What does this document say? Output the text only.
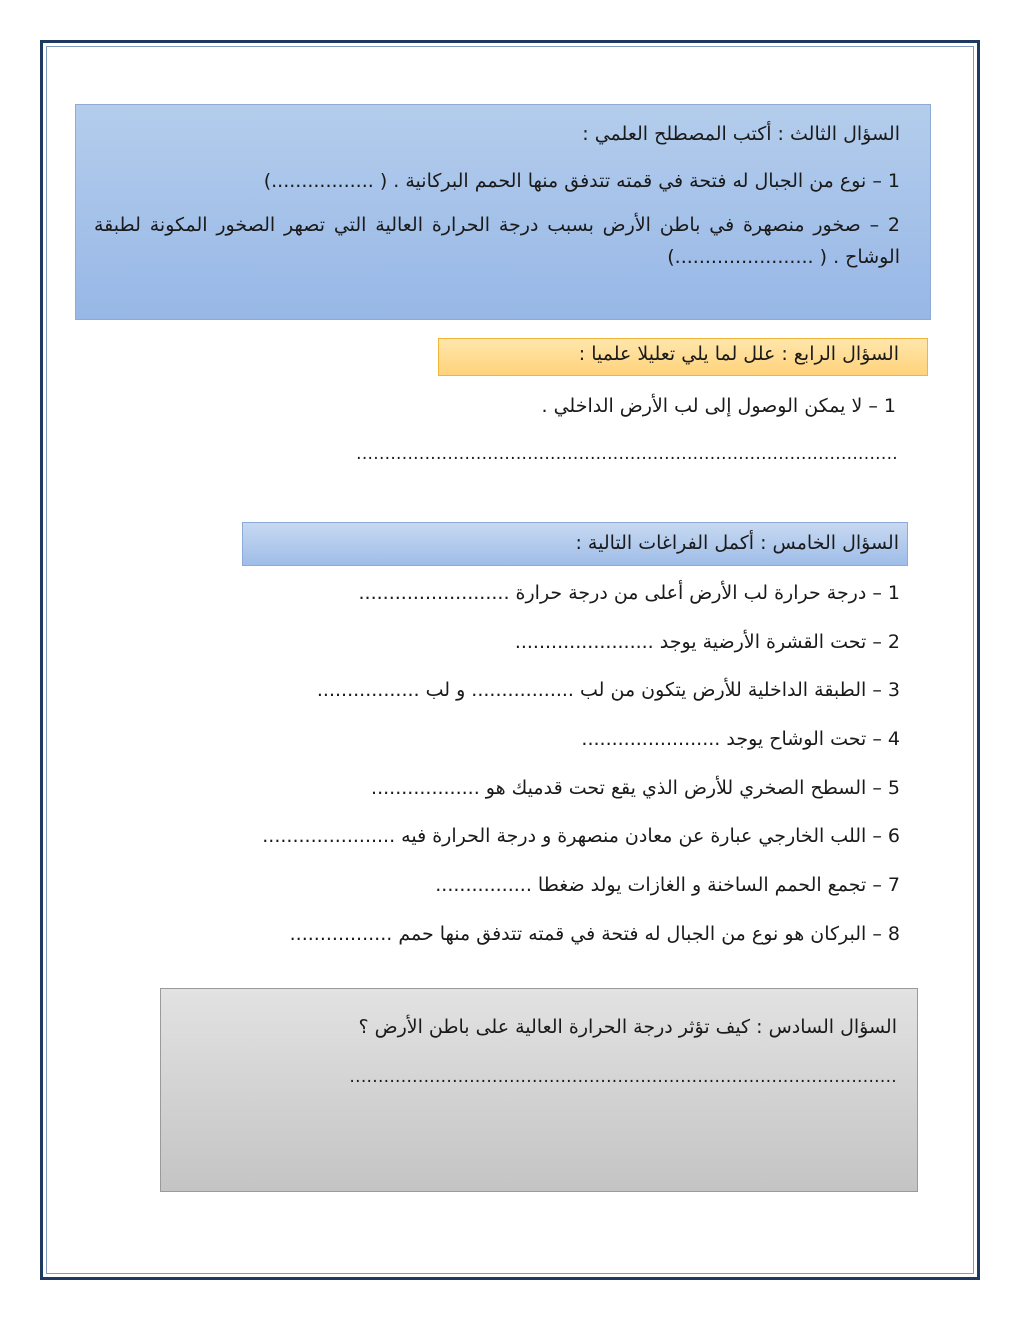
السؤال الثالث : أكتب المصطلح العلمي :
1 – نوع من الجبال له فتحة في قمته تتدفق منها الحمم البركانية . ( .................)
2 – صخور منصهرة في باطن الأرض بسبب درجة الحرارة العالية التي تصهر الصخور المكونة لطبقة الوشاح . ( .......................)
السؤال الرابع : علل لما يلي تعليلا علميا :
1 – لا يمكن الوصول إلى لب الأرض الداخلي .
...............................................................................................
السؤال الخامس : أكمل الفراغات التالية :
1 – درجة حرارة لب الأرض أعلى من درجة حرارة .........................
2 – تحت القشرة الأرضية يوجد .......................
3 – الطبقة الداخلية للأرض يتكون من لب ................. و لب .................
4 – تحت الوشاح يوجد .......................
5 – السطح الصخري للأرض الذي يقع تحت قدميك هو ..................
6 – اللب الخارجي عبارة عن معادن منصهرة و درجة الحرارة فيه ......................
7 – تجمع الحمم الساخنة و الغازات يولد ضغطا ................
8 – البركان هو نوع من الجبال له فتحة في قمته تتدفق منها حمم .................
السؤال السادس : كيف تؤثر درجة الحرارة العالية على باطن الأرض ؟
................................................................................................
